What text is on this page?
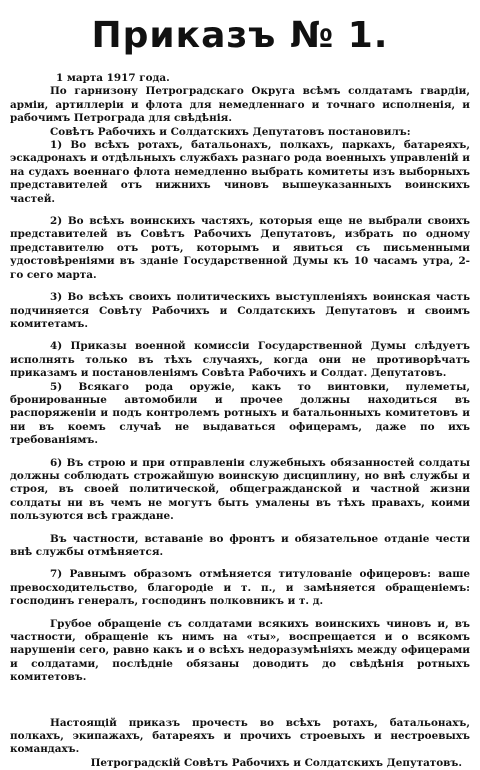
Приказъ № 1.

1 марта 1917 года.

По гарнизону Петроградскаго Округа всѣмъ солдатамъ гвардіи, арміи, артиллеріи и флота для немедленнаго и точнаго исполненія, и рабочимъ Петрограда для свѣдѣнія.

Совѣтъ Рабочихъ и Солдатскихъ Депутатовъ постановилъ:

1) Во всѣхъ ротахъ, батальонахъ, полкахъ, паркахъ, батареяхъ, эскадронахъ и отдѣльныхъ службахъ разнаго рода военныхъ управленій и на судахъ военнаго флота немедленно выбрать комитеты изъ выборныхъ представителей отъ нижнихъ чиновъ вышеуказанныхъ воинскихъ частей.

2) Во всѣхъ воинскихъ частяхъ, которыя еще не выбрали своихъ представителей въ Совѣтъ Рабочихъ Депутатовъ, избрать по одному представителю отъ ротъ, которымъ и явиться съ письменными удостовѣреніями въ зданіе Государственной Думы къ 10 часамъ утра, 2-го сего марта.

3) Во всѣхъ своихъ политическихъ выступленіяхъ воинская часть подчиняется Совѣту Рабочихъ и Солдатскихъ Депутатовъ и своимъ комитетамъ.

4) Приказы военной комиссіи Государственной Думы слѣдуетъ исполнять только въ тѣхъ случаяхъ, когда они не противорѣчатъ приказамъ и постановленіямъ Совѣта Рабочихъ и Солдат. Депутатовъ.

5) Всякаго рода оружіе, какъ то винтовки, пулеметы, бронированные автомобили и прочее должны находиться въ распоряженіи и подъ контролемъ ротныхъ и батальонныхъ комитетовъ и ни въ коемъ случаѣ не выдаваться офицерамъ, даже по ихъ требованіямъ.

6) Въ строю и при отправленіи служебныхъ обязанностей солдаты должны соблюдать строжайшую воинскую дисциплину, но внѣ службы и строя, въ своей политической, общегражданской и частной жизни солдаты ни въ чемъ не могутъ быть умалены въ тѣхъ правахъ, коими пользуются всѣ граждане.

Въ частности, вставаніе во фронтъ и обязательное отданіе чести внѣ службы отмѣняется.

7) Равнымъ образомъ отмѣняется титулованіе офицеровъ: ваше превосходительство, благородіе и т. п., и замѣняется обращеніемъ: господинъ генералъ, господинъ полковникъ и т. д.

Грубое обращеніе съ солдатами всякихъ воинскихъ чиновъ и, въ частности, обращеніе къ нимъ на «ты», воспрещается и о всякомъ нарушеніи сего, равно какъ и о всѣхъ недоразумѣніяхъ между офицерами и солдатами, послѣдніе обязаны доводить до свѣдѣнія ротныхъ комитетовъ.

Настоящій приказъ прочесть во всѣхъ ротахъ, батальонахъ, полкахъ, экипажахъ, батареяхъ и прочихъ строевыхъ и нестроевыхъ командахъ.

Петроградскій Совѣтъ Рабочихъ и Солдатскихъ Депутатовъ.
